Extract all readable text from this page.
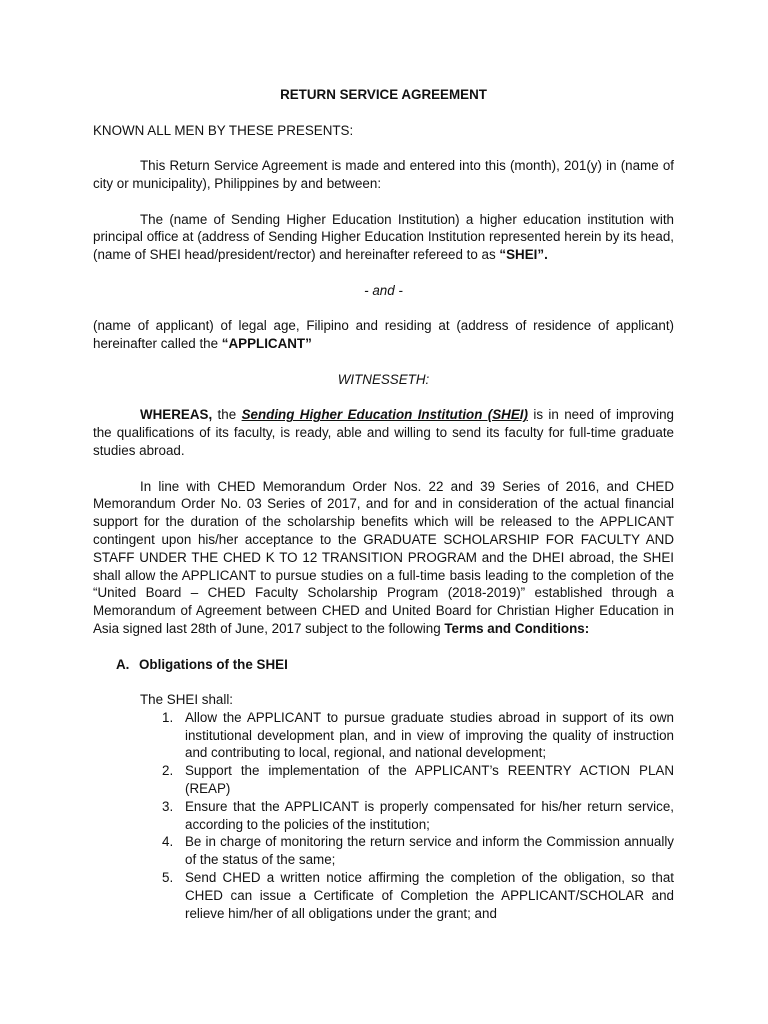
RETURN SERVICE AGREEMENT

KNOWN ALL MEN BY THESE PRESENTS:

This Return Service Agreement is made and entered into this (month), 201(y) in (name of city or municipality), Philippines by and between:

The (name of Sending Higher Education Institution) a higher education institution with principal office at (address of Sending Higher Education Institution represented herein by its head, (name of SHEI head/president/rector) and hereinafter refereed to as “SHEI”.

- and -

(name of applicant) of legal age, Filipino and residing at (address of residence of applicant) hereinafter called the “APPLICANT”

WITNESSETH:

WHEREAS, the Sending Higher Education Institution (SHEI) is in need of improving the qualifications of its faculty, is ready, able and willing to send its faculty for full-time graduate studies abroad.

In line with CHED Memorandum Order Nos. 22 and 39 Series of 2016, and CHED Memorandum Order No. 03 Series of 2017, and for and in consideration of the actual financial support for the duration of the scholarship benefits which will be released to the APPLICANT contingent upon his/her acceptance to the GRADUATE SCHOLARSHIP FOR FACULTY AND STAFF UNDER THE CHED K TO 12 TRANSITION PROGRAM and the DHEI abroad, the SHEI shall allow the APPLICANT to pursue studies on a full-time basis leading to the completion of the “United Board – CHED Faculty Scholarship Program (2018-2019)” established through a Memorandum of Agreement between CHED and United Board for Christian Higher Education in Asia signed last 28th of June, 2017 subject to the following Terms and Conditions:

A. Obligations of the SHEI

The SHEI shall:

1. Allow the APPLICANT to pursue graduate studies abroad in support of its own institutional development plan, and in view of improving the quality of instruction and contributing to local, regional, and national development;
2. Support the implementation of the APPLICANT’s REENTRY ACTION PLAN (REAP)
3. Ensure that the APPLICANT is properly compensated for his/her return service, according to the policies of the institution;
4. Be in charge of monitoring the return service and inform the Commission annually of the status of the same;
5. Send CHED a written notice affirming the completion of the obligation, so that CHED can issue a Certificate of Completion the APPLICANT/SCHOLAR and relieve him/her of all obligations under the grant; and
